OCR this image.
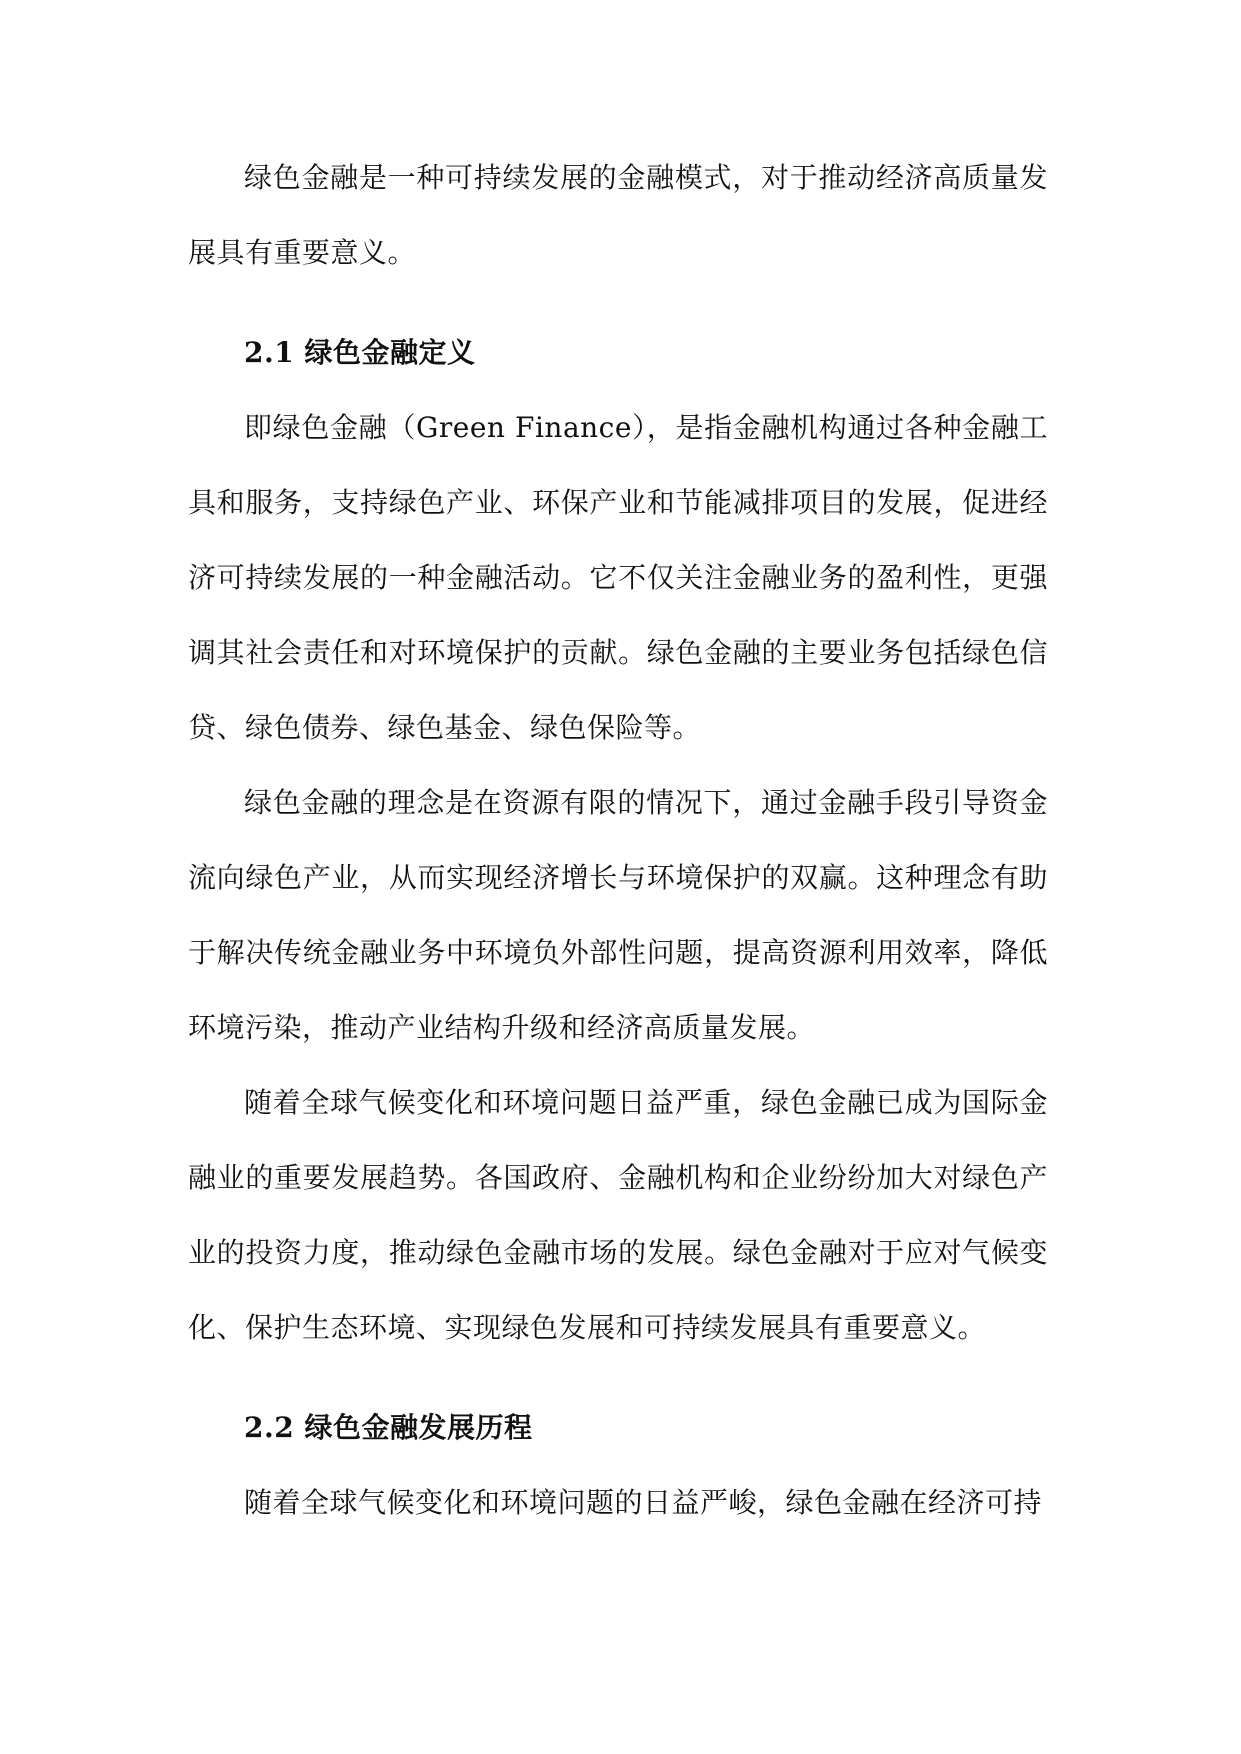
绿色金融是一种可持续发展的金融模式，对于推动经济高质量发展具有重要意义。

2.1 绿色金融定义

即绿色金融（Green Finance），是指金融机构通过各种金融工具和服务，支持绿色产业、环保产业和节能减排项目的发展，促进经济可持续发展的一种金融活动。它不仅关注金融业务的盈利性，更强调其社会责任和对环境保护的贡献。绿色金融的主要业务包括绿色信贷、绿色债券、绿色基金、绿色保险等。

绿色金融的理念是在资源有限的情况下，通过金融手段引导资金流向绿色产业，从而实现经济增长与环境保护的双赢。这种理念有助于解决传统金融业务中环境负外部性问题，提高资源利用效率，降低环境污染，推动产业结构升级和经济高质量发展。

随着全球气候变化和环境问题日益严重，绿色金融已成为国际金融业的重要发展趋势。各国政府、金融机构和企业纷纷加大对绿色产业的投资力度，推动绿色金融市场的发展。绿色金融对于应对气候变化、保护生态环境、实现绿色发展和可持续发展具有重要意义。

2.2 绿色金融发展历程

随着全球气候变化和环境问题的日益严峻，绿色金融在经济可持
